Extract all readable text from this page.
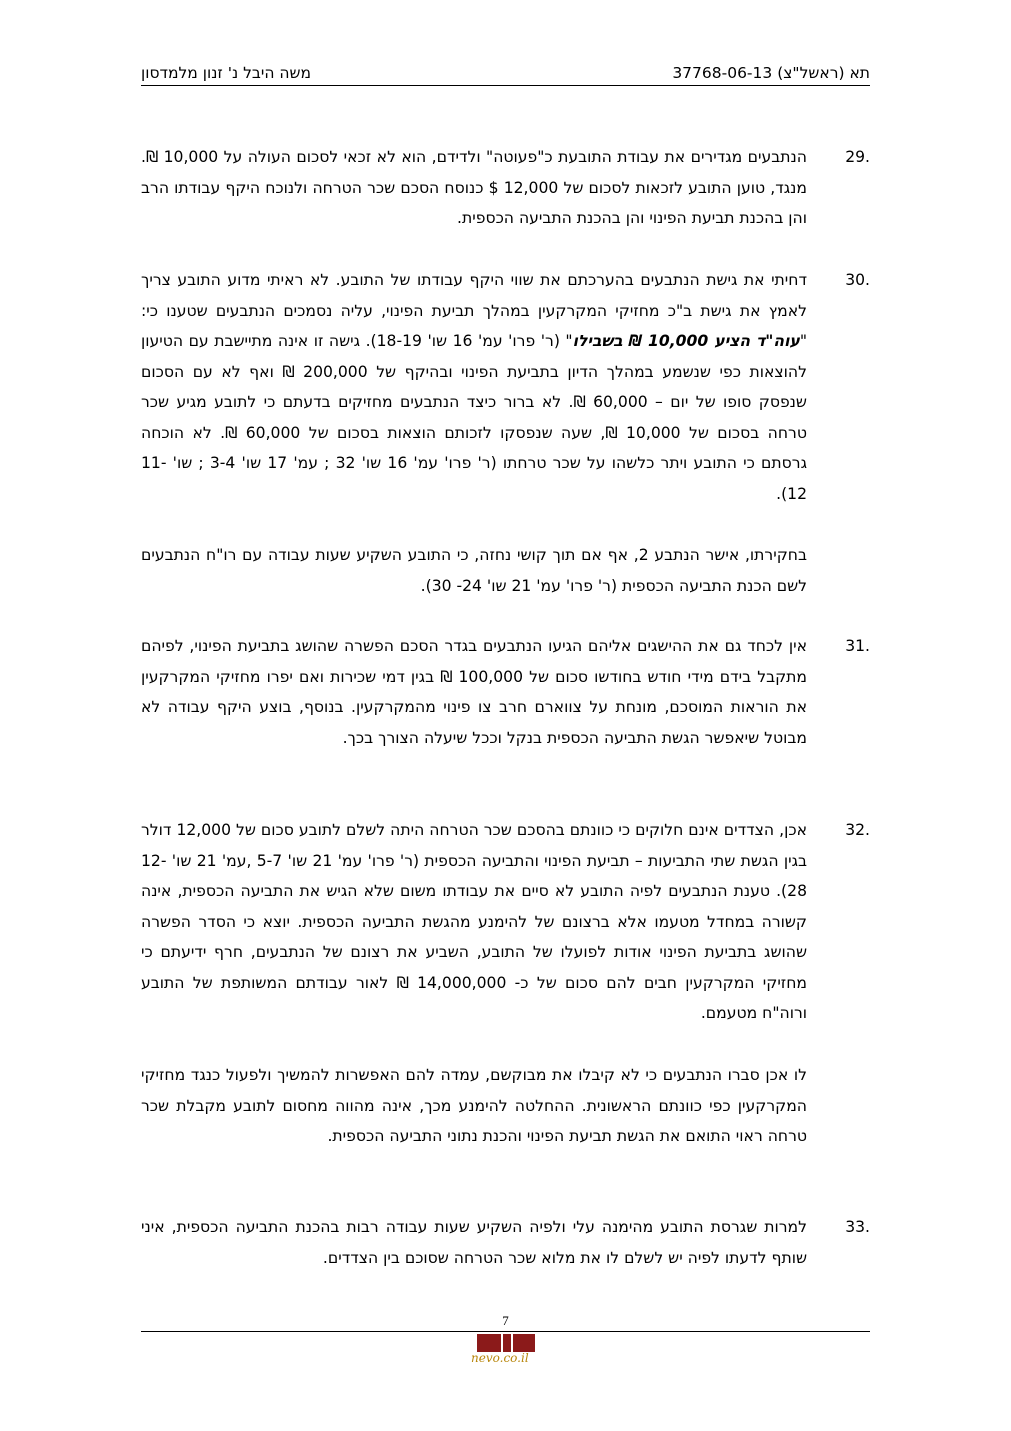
תא (ראשל"צ) 37768-06-13
משה היבל נ' זנון מלמדסון
.29
הנתבעים מגדירים את עבודת התובעת כ"פעוטה" ולדידם, הוא לא זכאי לסכום העולה על 10,000 ₪. מנגד, טוען התובע לזכאות לסכום של 12,000 $ כנוסח הסכם שכר הטרחה ולנוכח היקף עבודתו הרב והן בהכנת תביעת הפינוי והן בהכנת התביעה הכספית.
.30
דחיתי את גישת הנתבעים בהערכתם את שווי היקף עבודתו של התובע. לא ראיתי מדוע התובע צריך לאמץ את גישת ב"כ מחזיקי המקרקעין במהלך תביעת הפינוי, עליה נסמכים הנתבעים שטענו כי: "עוה"ד הציע 10,000 ₪ בשבילו" (ר' פרו' עמ' 16 שו' 18-19). גישה זו אינה מתיישבת עם הטיעון להוצאות כפי שנשמע במהלך הדיון בתביעת הפינוי ובהיקף של 200,000 ₪ ואף לא עם הסכום שנפסק סופו של יום – 60,000 ₪. לא ברור כיצד הנתבעים מחזיקים בדעתם כי לתובע מגיע שכר טרחה בסכום של 10,000 ₪, שעה שנפסקו לזכותם הוצאות בסכום של 60,000 ₪. לא הוכחה גרסתם כי התובע ויתר כלשהו על שכר טרחתו (ר' פרו' עמ' 16 שו' 32 ; עמ' 17 שו' 3-4 ; שו' 11-12).
בחקירתו, אישר הנתבע 2, אף אם תוך קושי נחזה, כי התובע השקיע שעות עבודה עם רו"ח הנתבעים לשם הכנת התביעה הכספית (ר' פרו' עמ' 21 שו' 24- 30).
.31
אין לכחד גם את ההישגים אליהם הגיעו הנתבעים בגדר הסכם הפשרה שהושג בתביעת הפינוי, לפיהם מתקבל בידם מידי חודש בחודשו סכום של 100,000 ₪ בגין דמי שכירות ואם יפרו מחזיקי המקרקעין את הוראות המוסכם, מונחת על צווארם חרב צו פינוי מהמקרקעין. בנוסף, בוצע היקף עבודה לא מבוטל שיאפשר הגשת התביעה הכספית בנקל וככל שיעלה הצורך בכך.
.32
אכן, הצדדים אינם חלוקים כי כוונתם בהסכם שכר הטרחה היתה לשלם לתובע סכום של 12,000 דולר בגין הגשת שתי התביעות – תביעת הפינוי והתביעה הכספית (ר' פרו' עמ' 21 שו' 5-7 ,עמ' 21 שו' 12-28). טענת הנתבעים לפיה התובע לא סיים את עבודתו משום שלא הגיש את התביעה הכספית, אינה קשורה במחדל מטעמו אלא ברצונם של להימנע מהגשת התביעה הכספית. יוצא כי הסדר הפשרה שהושג בתביעת הפינוי אודות לפועלו של התובע, השביע את רצונם של הנתבעים, חרף ידיעתם כי מחזיקי המקרקעין חבים להם סכום של כ- 14,000,000 ₪ לאור עבודתם המשותפת של התובע ורוה"ח מטעמם.
לו אכן סברו הנתבעים כי לא קיבלו את מבוקשם, עמדה להם האפשרות להמשיך ולפעול כנגד מחזיקי המקרקעין כפי כוונתם הראשונית. ההחלטה להימנע מכך, אינה מהווה מחסום לתובע מקבלת שכר טרחה ראוי התואם את הגשת תביעת הפינוי והכנת נתוני התביעה הכספית.
.33
למרות שגרסת התובע מהימנה עלי ולפיה השקיע שעות עבודה רבות בהכנת התביעה הכספית, איני שותף לדעתו לפיה יש לשלם לו את מלוא שכר הטרחה שסוכם בין הצדדים.
7
nevo.co.il
